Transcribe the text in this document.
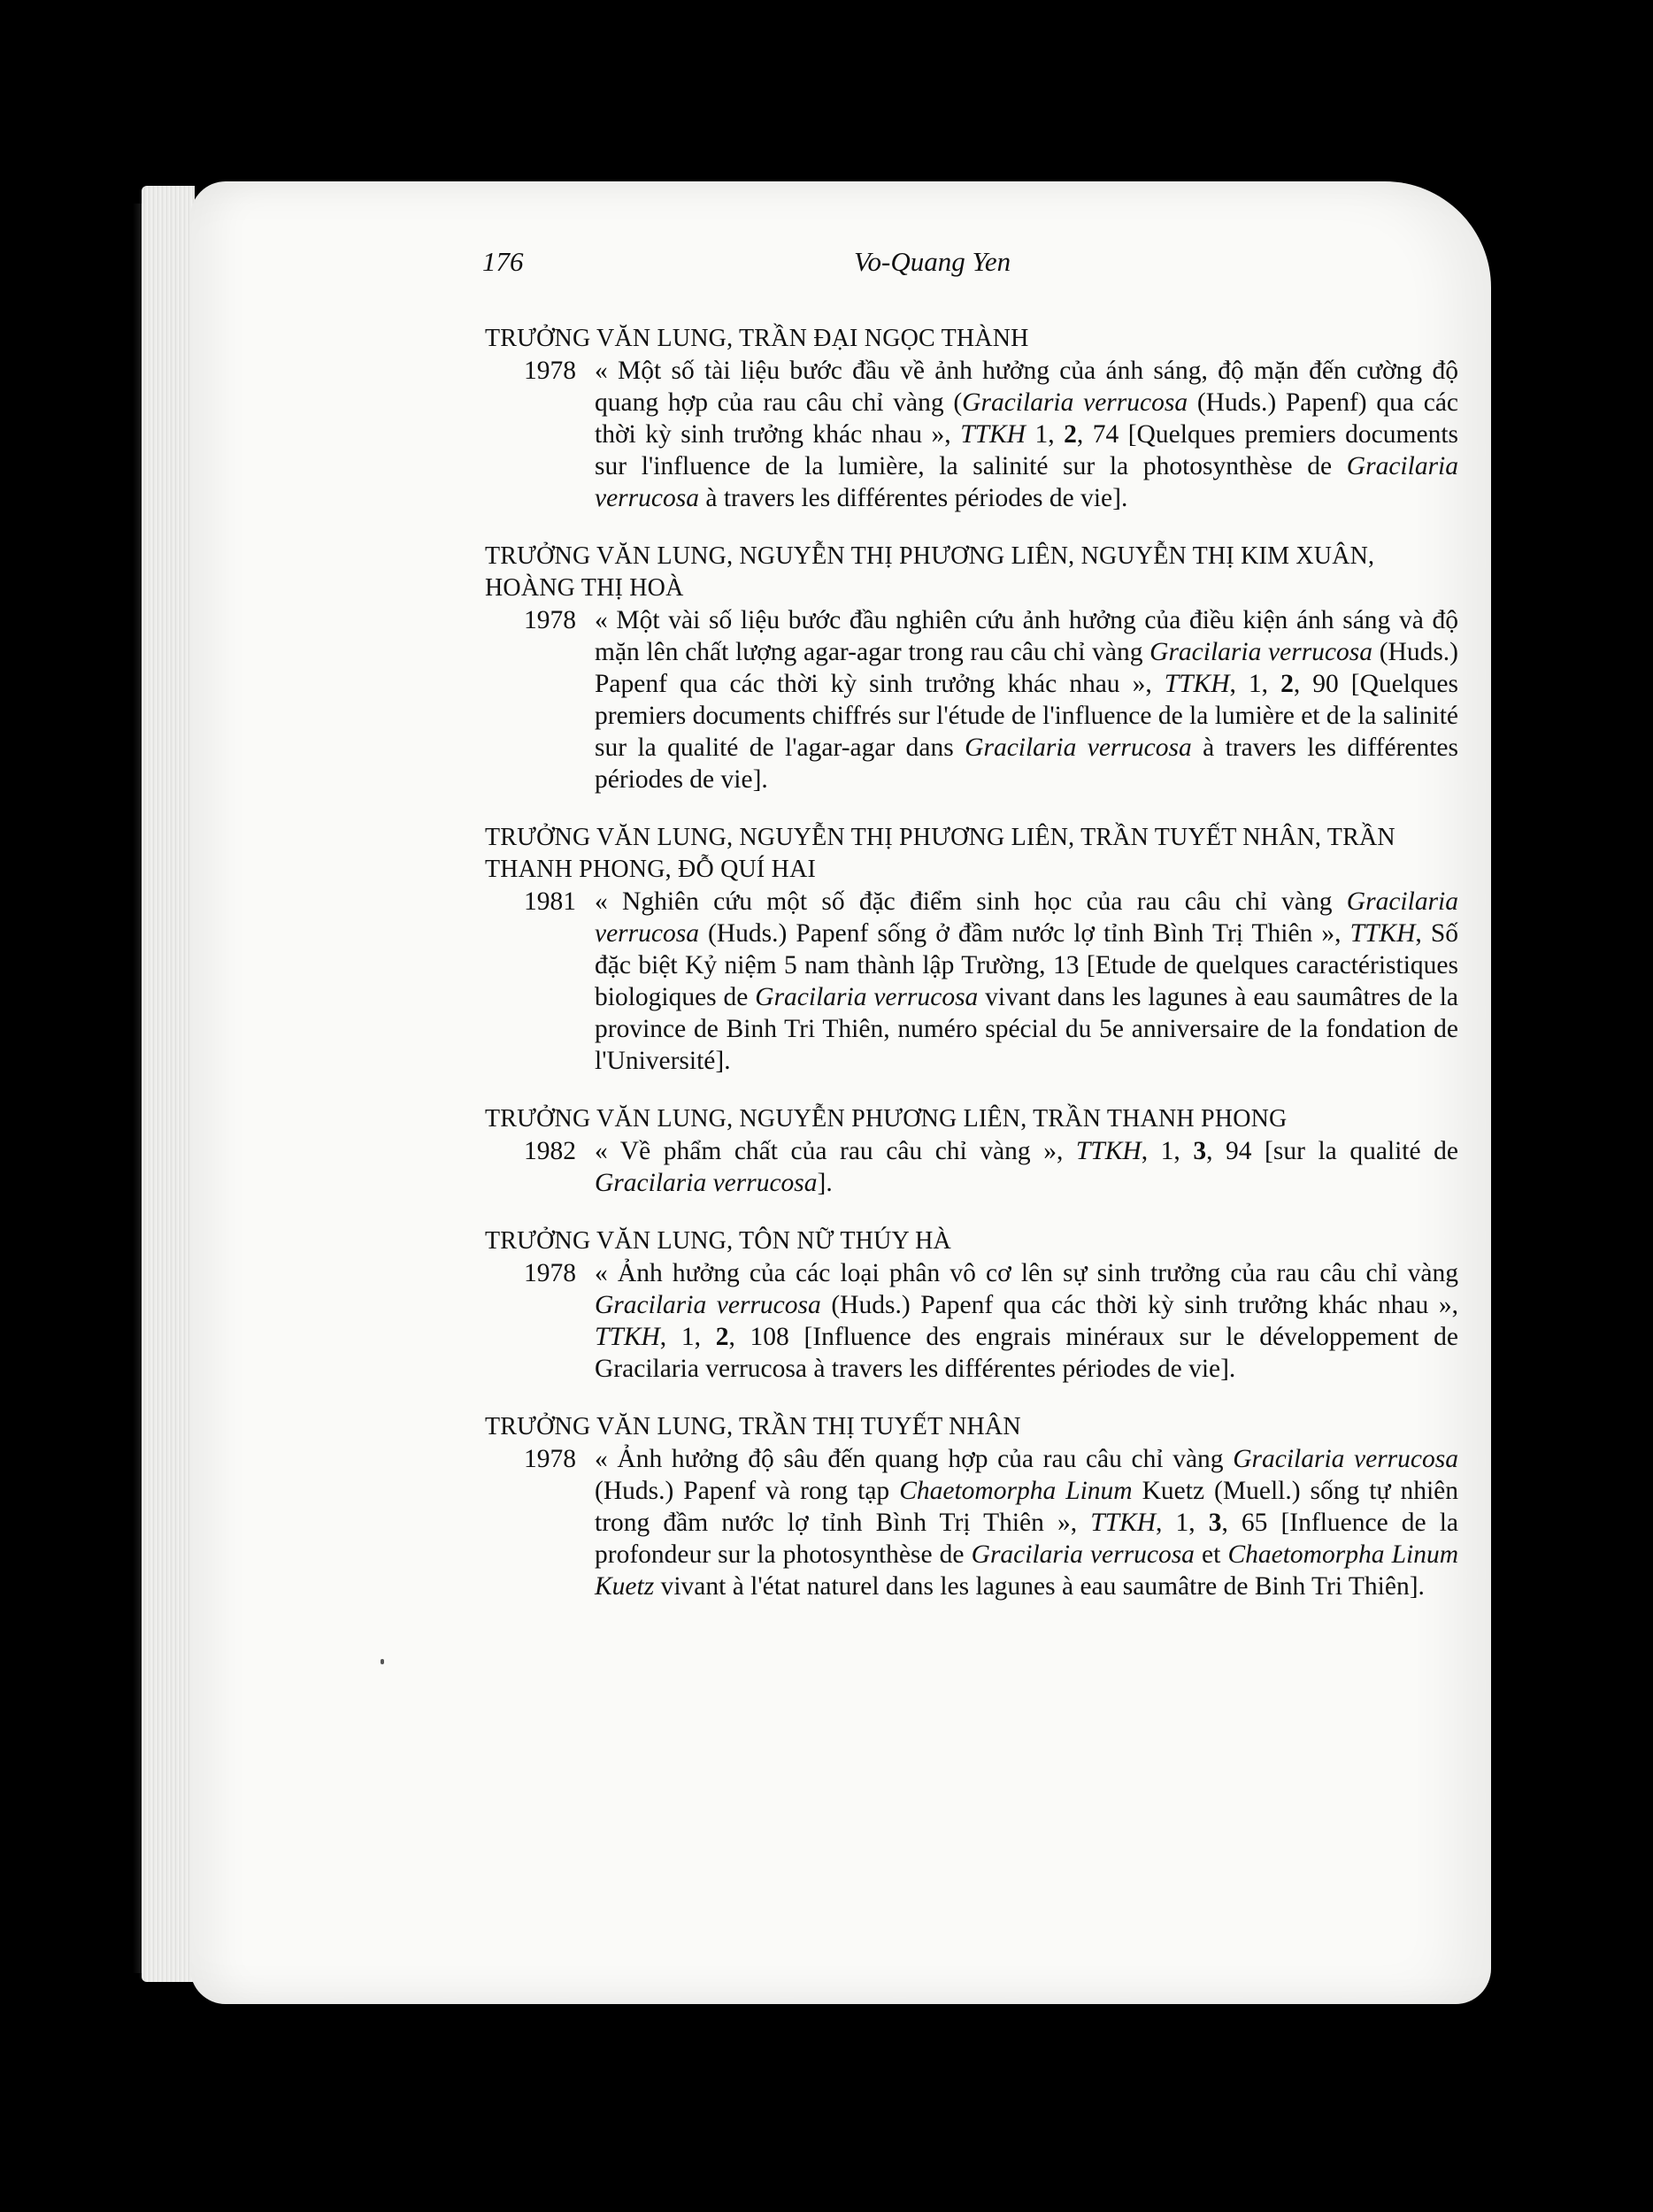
176	Vo-Quang Yen
TRƯỞNG VĂN LUNG, TRẦN ĐẠI NGỌC THÀNH
1978 « Một số tài liệu bước đầu về ảnh hưởng của ánh sáng, độ mặn đến cường độ quang hợp của rau câu chỉ vàng (Gracilaria verrucosa (Huds.) Papenf) qua các thời kỳ sinh trưởng khác nhau », TTKH 1, 2, 74 [Quelques premiers documents sur l'influence de la lumière, la salinité sur la photosynthèse de Gracilaria verrucosa à travers les différentes périodes de vie].
TRƯỞNG VĂN LUNG, NGUYỄN THỊ PHƯƠNG LIÊN, NGUYỄN THỊ KIM XUÂN, HOÀNG THỊ HOÀ
1978 « Một vài số liệu bước đầu nghiên cứu ảnh hưởng của điều kiện ánh sáng và độ mặn lên chất lượng agar-agar trong rau câu chỉ vàng Gracilaria verrucosa (Huds.) Papenf qua các thời kỳ sinh trưởng khác nhau », TTKH, 1, 2, 90 [Quelques premiers documents chiffrés sur l'étude de l'influence de la lumière et de la salinité sur la qualité de l'agar-agar dans Gracilaria verrucosa à travers les différentes périodes de vie].
TRƯỞNG VĂN LUNG, NGUYỄN THỊ PHƯƠNG LIÊN, TRẦN TUYẾT NHÂN, TRẦN THANH PHONG, ĐỖ QUÍ HAI
1981 « Nghiên cứu một số đặc điểm sinh học của rau câu chỉ vàng Gracilaria verrucosa (Huds.) Papenf sống ở đầm nước lợ tỉnh Bình Trị Thiên », TTKH, Số đặc biệt Kỷ niệm 5 nam thành lập Trường, 13 [Etude de quelques caractéristiques biologiques de Gracilaria verrucosa vivant dans les lagunes à eau saumâtres de la province de Binh Tri Thiên, numéro spécial du 5e anniversaire de la fondation de l'Université].
TRƯỞNG VĂN LUNG, NGUYỄN PHƯƠNG LIÊN, TRẦN THANH PHONG
1982 « Về phẩm chất của rau câu chỉ vàng », TTKH, 1, 3, 94 [sur la qualité de Gracilaria verrucosa].
TRƯỞNG VĂN LUNG, TÔN NỮ THÚY HÀ
1978 « Ảnh hưởng của các loại phân vô cơ lên sự sinh trưởng của rau câu chỉ vàng Gracilaria verrucosa (Huds.) Papenf qua các thời kỳ sinh trưởng khác nhau », TTKH, 1, 2, 108 [Influence des engrais minéraux sur le développement de Gracilaria verrucosa à travers les différentes périodes de vie].
TRƯỞNG VĂN LUNG, TRẦN THỊ TUYẾT NHÂN
1978 « Ảnh hưởng độ sâu đến quang hợp của rau câu chỉ vàng Gracilaria verrucosa (Huds.) Papenf và rong tạp Chaetomorpha Linum Kuetz (Muell.) sống tự nhiên trong đầm nước lợ tỉnh Bình Trị Thiên », TTKH, 1, 3, 65 [Influence de la profondeur sur la photosynthèse de Gracilaria verrucosa et Chaetomorpha Linum Kuetz vivant à l'état naturel dans les lagunes à eau saumâtre de Binh Tri Thiên].
